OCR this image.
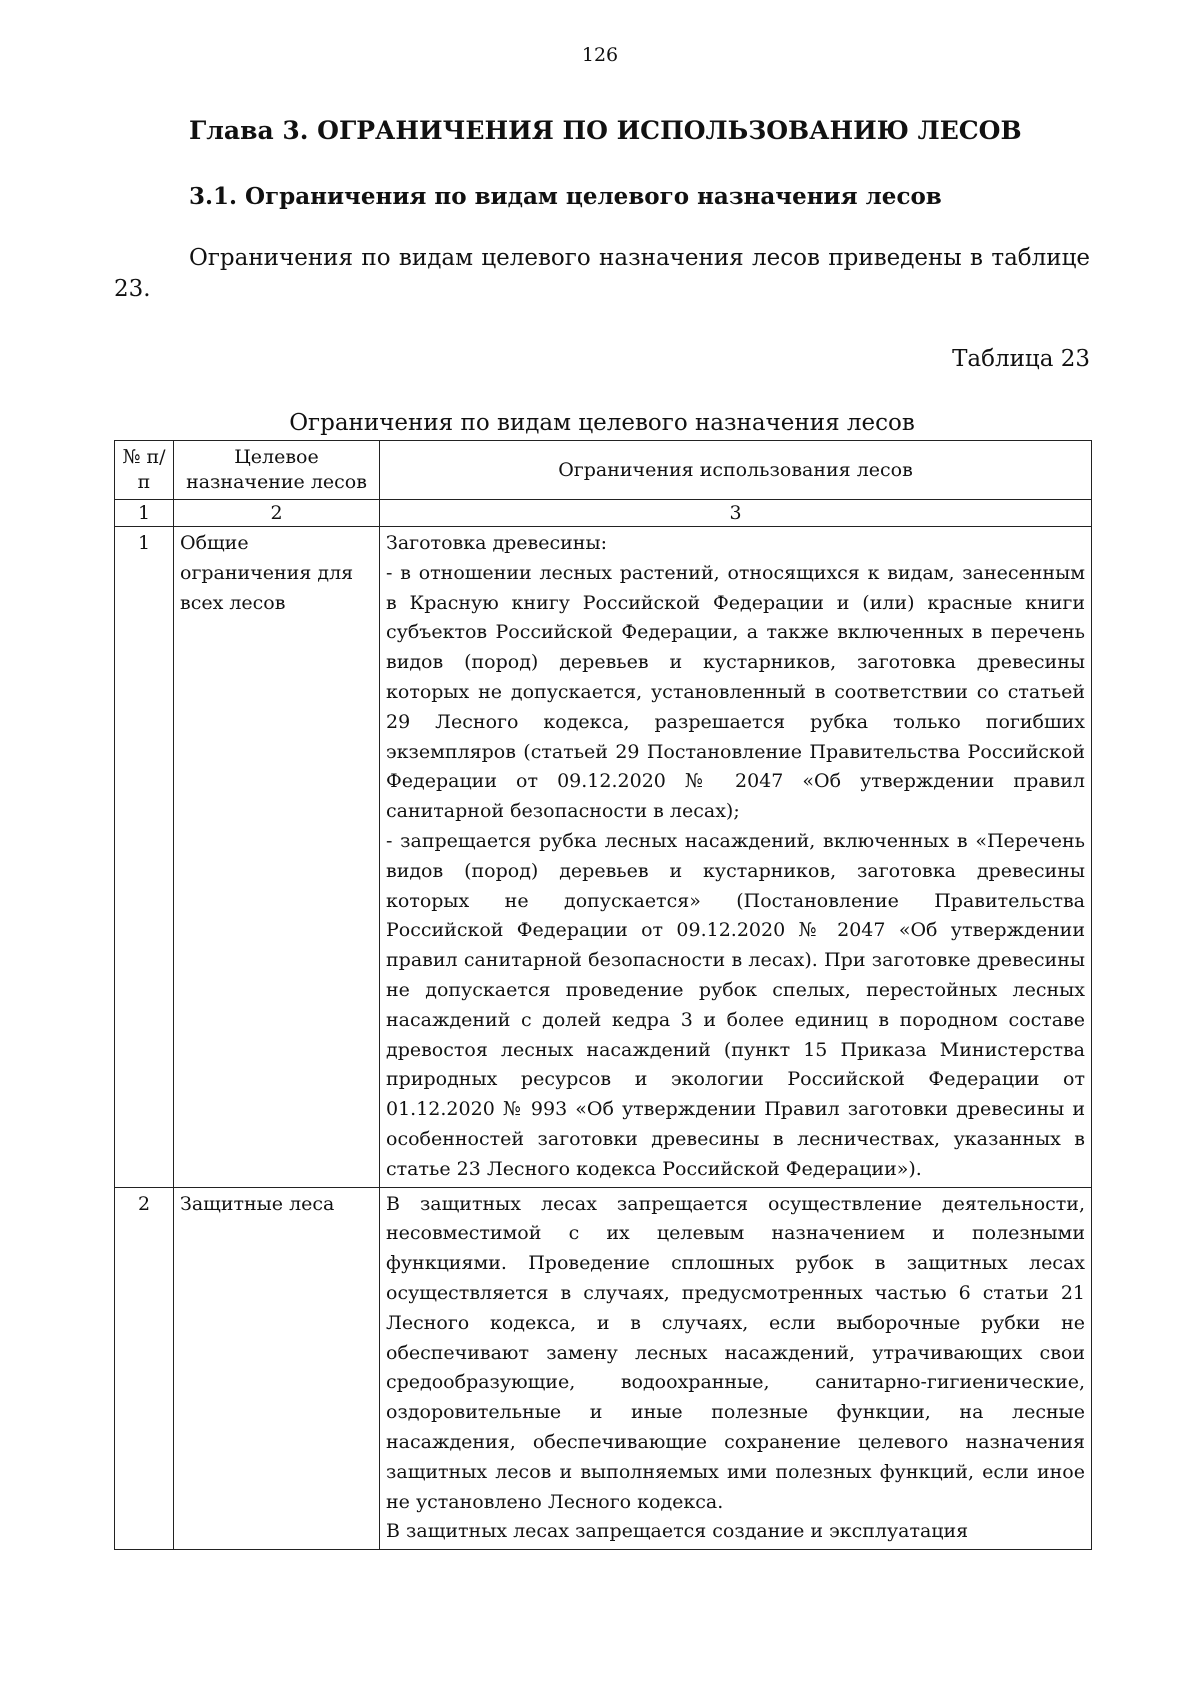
126
Глава 3. ОГРАНИЧЕНИЯ ПО ИСПОЛЬЗОВАНИЮ ЛЕСОВ
3.1. Ограничения по видам целевого назначения лесов

Ограничения по видам целевого назначения лесов приведены в таблице 23.

Таблица 23
Ограничения по видам целевого назначения лесов
№ п/п	Целевое назначение лесов	Ограничения использования лесов
1	2	3
1	Общие ограничения для всех лесов	Заготовка древесины:
- в отношении лесных растений, относящихся к видам, занесенным в Красную книгу Российской Федерации и (или) красные книги субъектов Российской Федерации, а также включенных в перечень видов (пород) деревьев и кустарников, заготовка древесины которых не допускается, установленный в соответствии со статьей 29 Лесного кодекса, разрешается рубка только погибших экземпляров (статьей 29 Постановление Правительства Российской Федерации от 09.12.2020 № 2047 «Об утверждении правил санитарной безопасности в лесах);
- запрещается рубка лесных насаждений, включенных в «Перечень видов (пород) деревьев и кустарников, заготовка древесины которых не допускается» (Постановление Правительства Российской Федерации от 09.12.2020 № 2047 «Об утверждении правил санитарной безопасности в лесах). При заготовке древесины не допускается проведение рубок спелых, перестойных лесных насаждений с долей кедра 3 и более единиц в породном составе древостоя лесных насаждений (пункт 15 Приказа Министерства природных ресурсов и экологии Российской Федерации от 01.12.2020 № 993 «Об утверждении Правил заготовки древесины и особенностей заготовки древесины в лесничествах, указанных в статье 23 Лесного кодекса Российской Федерации»).

2	Защитные леса	В защитных лесах запрещается осуществление деятельности, несовместимой с их целевым назначением и полезными функциями. Проведение сплошных рубок в защитных лесах осуществляется в случаях, предусмотренных частью 6 статьи 21 Лесного кодекса, и в случаях, если выборочные рубки не обеспечивают замену лесных насаждений, утрачивающих свои средообразующие, водоохранные, санитарно-гигиенические, оздоровительные и иные полезные функции, на лесные насаждения, обеспечивающие сохранение целевого назначения защитных лесов и выполняемых ими полезных функций, если иное не установлено Лесного кодекса.
В защитных лесах запрещается создание и эксплуатация
